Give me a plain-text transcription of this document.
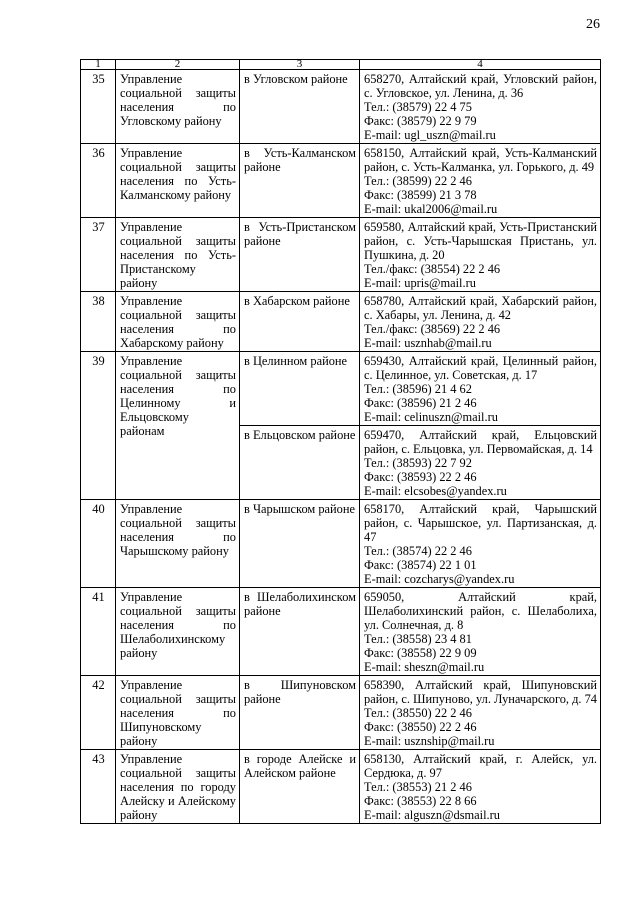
26
1	2	3	4
35	Управление социальной защиты населения по Угловскому району	в Угловском районе	658270, Алтайский край, Угловский район, с. Угловское, ул. Ленина, д. 36
Тел.: (38579) 22 4 75
Факс: (38579) 22 9 79
E-mail: ugl_uszn@mail.ru

36	Управление социальной защиты населения по Усть-Калманскому району	в Усть-Калманском районе	658150, Алтайский край, Усть-Калманский район, с. Усть-Калманка, ул. Горького, д. 49
Тел.: (38599) 22 2 46
Факс: (38599) 21 3 78
E-mail: ukal2006@mail.ru

37	Управление социальной защиты населения по Усть-Пристанскому району	в Усть-Пристанском районе	659580, Алтайский край, Усть-Пристанский район, с. Усть-Чарышская Пристань, ул. Пушкина, д. 20
Тел./факс: (38554) 22 2 46
E-mail: upris@mail.ru

38	Управление социальной защиты населения по Хабарскому району	в Хабарском районе	658780, Алтайский край, Хабарский район, с. Хабары, ул. Ленина, д. 42
Тел./факс: (38569) 22 2 46
E-mail: usznhab@mail.ru

39	Управление социальной защиты населения по Целинному и Ельцовскому районам	в Целинном районе	659430, Алтайский край, Целинный район, с. Целинное, ул. Советская, д. 17
Тел.: (38596) 21 4 62
Факс: (38596) 21 2 46
E-mail: celinuszn@mail.ru

		в Ельцовском районе	659470, Алтайский край, Ельцовский район, с. Ельцовка, ул. Первомайская, д. 14
Тел.: (38593) 22 7 92
Факс: (38593) 22 2 46
E-mail: elcsobes@yandex.ru

40	Управление социальной защиты населения по Чарышскому району	в Чарышском районе	658170, Алтайский край, Чарышский район, с. Чарышское, ул. Партизанская, д. 47
Тел.: (38574) 22 2 46
Факс: (38574) 22 1 01
E-mail: cozcharys@yandex.ru

41	Управление социальной защиты населения по Шелаболихинскому району	в Шелаболихинском районе	659050, Алтайский край, Шелаболихинский район, с. Шелаболиха, ул. Солнечная, д. 8
Тел.: (38558) 23 4 81
Факс: (38558) 22 9 09
E-mail: sheszn@mail.ru

42	Управление социальной защиты населения по Шипуновскому району	в Шипуновском районе	658390, Алтайский край, Шипуновский район, с. Шипуново, ул. Луначарского, д. 74
Тел.: (38550) 22 2 46
Факс: (38550) 22 2 46
E-mail: usznship@mail.ru

43	Управление социальной защиты населения по городу Алейску и Алейскому району	в городе Алейске и Алейском районе	658130, Алтайский край, г. Алейск, ул. Сердюка, д. 97
Тел.: (38553) 21 2 46
Факс: (38553) 22 8 66
E-mail: alguszn@dsmail.ru
